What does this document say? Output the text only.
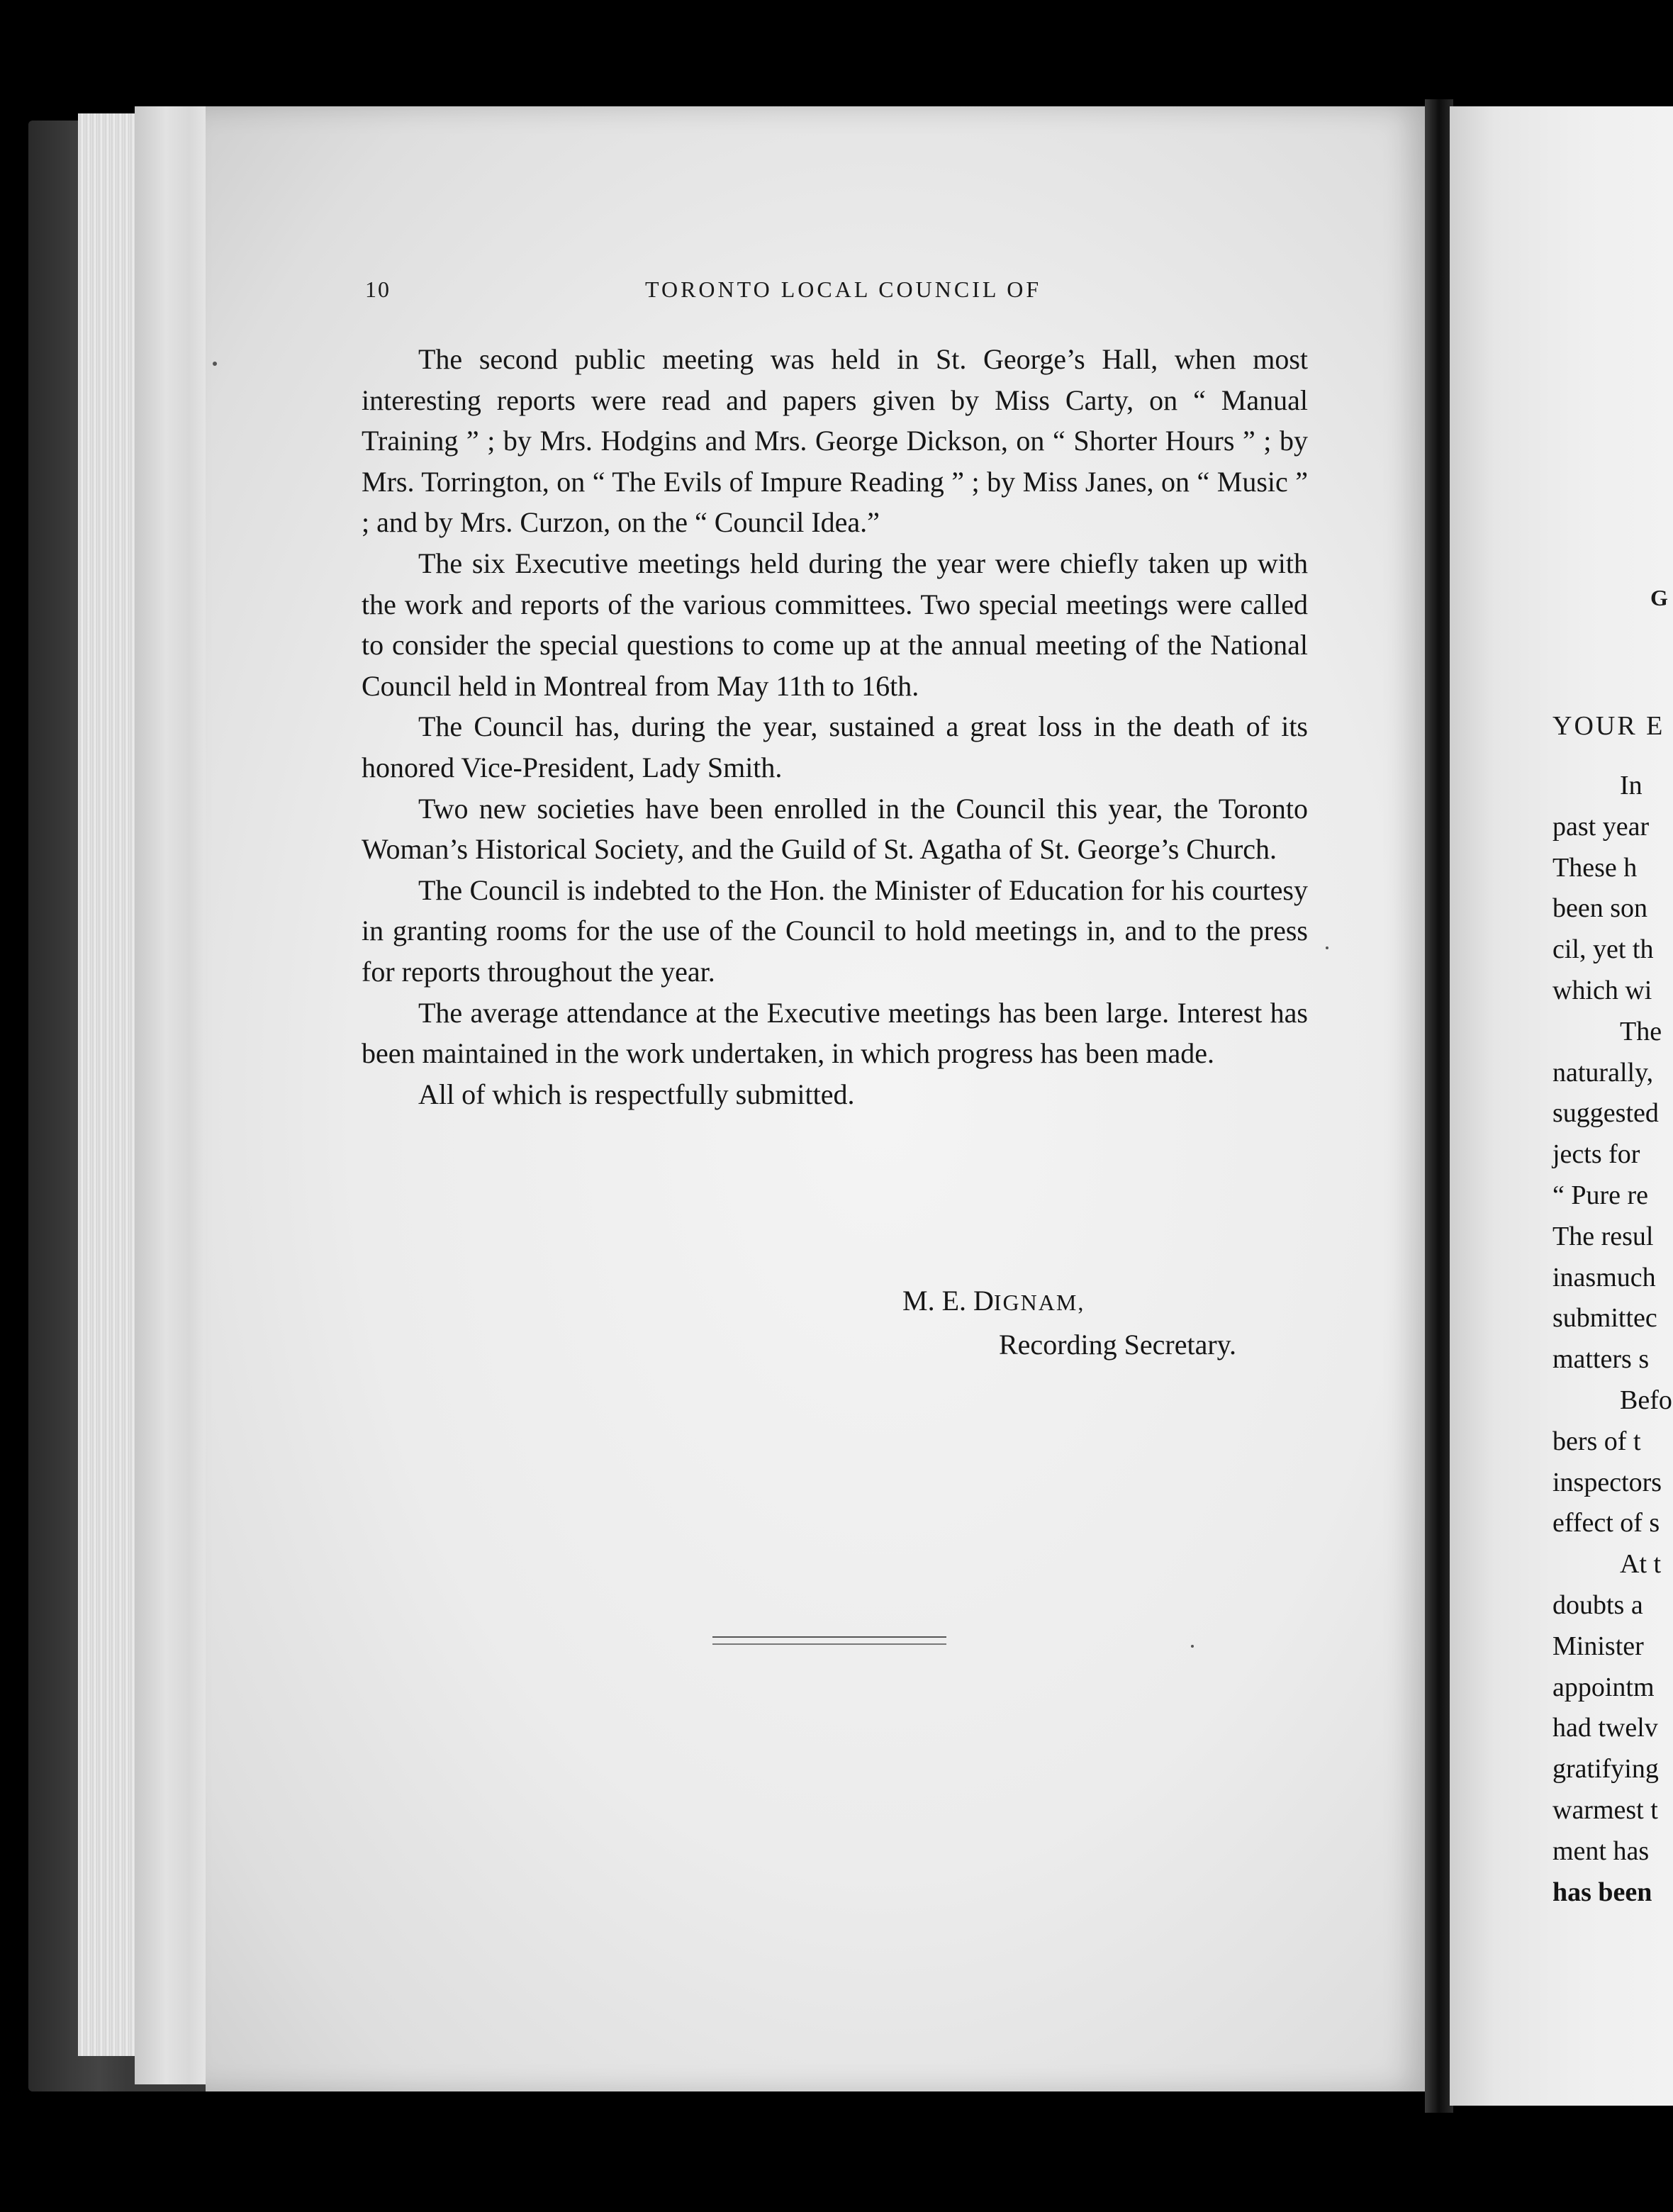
10	TORONTO LOCAL COUNCIL OF

The second public meeting was held in St. George’s Hall, when most interesting reports were read and papers given by Miss Carty, on “ Manual Training ” ; by Mrs. Hodgins and Mrs. George Dickson, on “ Shorter Hours ” ; by Mrs. Torrington, on “ The Evils of Impure Reading ” ; by Miss Janes, on “ Music ” ; and by Mrs. Curzon, on the “ Council Idea.”

The six Executive meetings held during the year were chiefly taken up with the work and reports of the various committees. Two special meetings were called to consider the special questions to come up at the annual meeting of the National Council held in Montreal from May 11th to 16th.

The Council has, during the year, sustained a great loss in the death of its honored Vice-President, Lady Smith.

Two new societies have been enrolled in the Council this year, the Toronto Woman’s Historical Society, and the Guild of St. Agatha of St. George’s Church.

The Council is indebted to the Hon. the Minister of Education for his courtesy in granting rooms for the use of the Council to hold meetings in, and to the press for reports throughout the year.

The average attendance at the Executive meetings has been large. Interest has been maintained in the work undertaken, in which progress has been made.

All of which is respectfully submitted.

M. E. DIGNAM,
Recording Secretary.
G
YOUR E
In
past year
These h
been son
cil, yet th
which wi
The
naturally,
suggested
jects for
“ Pure re
The resul
inasmuch
submittec
matters s
Befo
bers of t
inspectors
effect of s
At t
doubts a
Minister
appointm
had twelv
gratifying
warmest t
ment has
has been
